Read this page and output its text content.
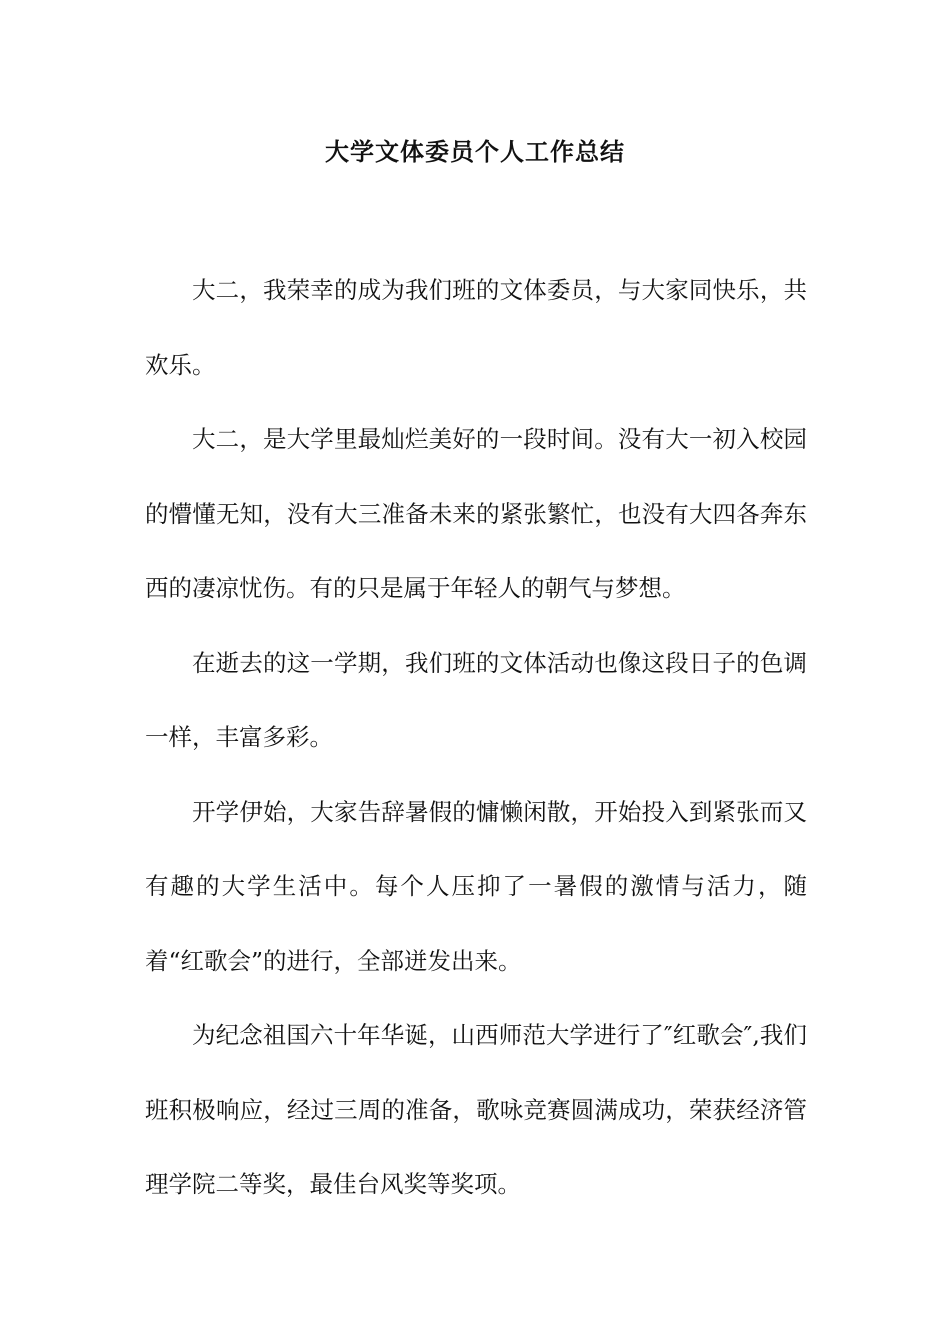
大学文体委员个人工作总结

大二，我荣幸的成为我们班的文体委员，与大家同快乐，共欢乐。

大二，是大学里最灿烂美好的一段时间。没有大一初入校园的懵懂无知，没有大三准备未来的紧张繁忙，也没有大四各奔东西的凄凉忧伤。有的只是属于年轻人的朝气与梦想。

在逝去的这一学期，我们班的文体活动也像这段日子的色调一样，丰富多彩。

开学伊始，大家告辞暑假的慵懒闲散，开始投入到紧张而又有趣的大学生活中。每个人压抑了一暑假的激情与活力，随着“红歌会”的进行，全部迸发出来。

为纪念祖国六十年华诞，山西师范大学进行了″红歌会″,我们班积极响应，经过三周的准备，歌咏竞赛圆满成功，荣获经济管理学院二等奖，最佳台风奖等奖项。
